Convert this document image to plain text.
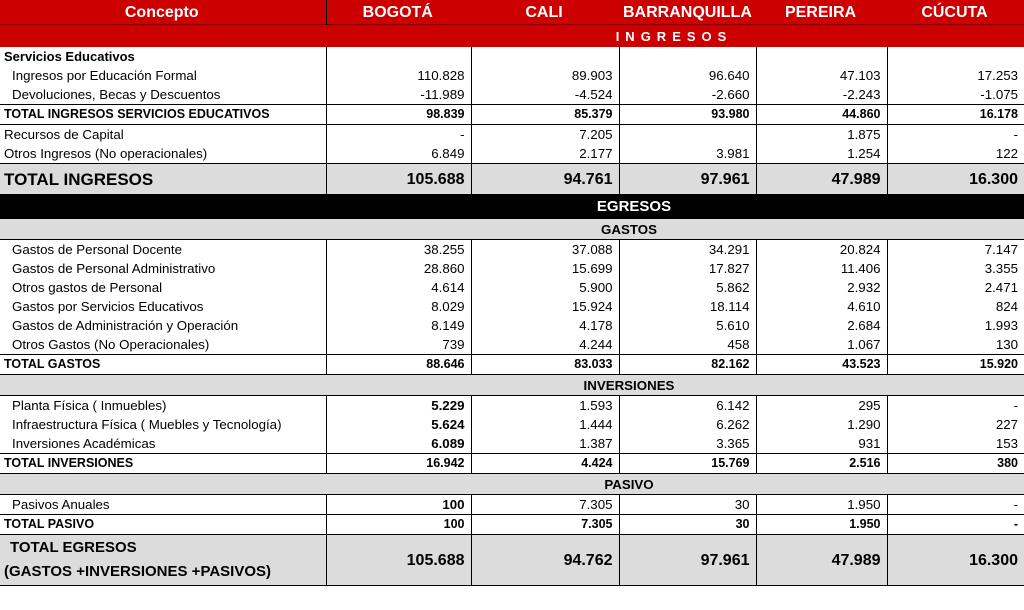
Concepto	BOGOTÁ	CALI	BARRANQUILLA	PEREIRA	CÚCUTA
	INGRESOS				
Servicios Educativos					
Ingresos por Educación Formal	110.828	89.903	96.640	47.103	17.253
Devoluciones, Becas y Descuentos	-11.989	-4.524	-2.660	-2.243	-1.075
TOTAL INGRESOS SERVICIOS EDUCATIVOS	98.839	85.379	93.980	44.860	16.178
Recursos de Capital	-	7.205		1.875	-
Otros Ingresos (No operacionales)	6.849	2.177	3.981	1.254	122
TOTAL INGRESOS	105.688	94.761	97.961	47.989	16.300
EGRESOS					
GASTOS					
Gastos de Personal Docente	38.255	37.088	34.291	20.824	7.147
Gastos de Personal Administrativo	28.860	15.699	17.827	11.406	3.355
Otros gastos de Personal	4.614	5.900	5.862	2.932	2.471
Gastos por Servicios Educativos	8.029	15.924	18.114	4.610	824
Gastos de Administración y Operación	8.149	4.178	5.610	2.684	1.993
Otros Gastos (No Operacionales)	739	4.244	458	1.067	130
TOTAL GASTOS	88.646	83.033	82.162	43.523	15.920
INVERSIONES					
Planta Física ( Inmuebles)	5.229	1.593	6.142	295	-
Infraestructura Física ( Muebles y Tecnología)	5.624	1.444	6.262	1.290	227
Inversiones Académicas	6.089	1.387	3.365	931	153
TOTAL INVERSIONES	16.942	4.424	15.769	2.516	380
PASIVO					
Pasivos Anuales	100	7.305	30	1.950	-
TOTAL PASIVO	100	7.305	30	1.950	-

TOTAL EGRESOS
(GASTOS +INVERSIONES +PASIVOS)	105.688	94.762	97.961	47.989	16.300
